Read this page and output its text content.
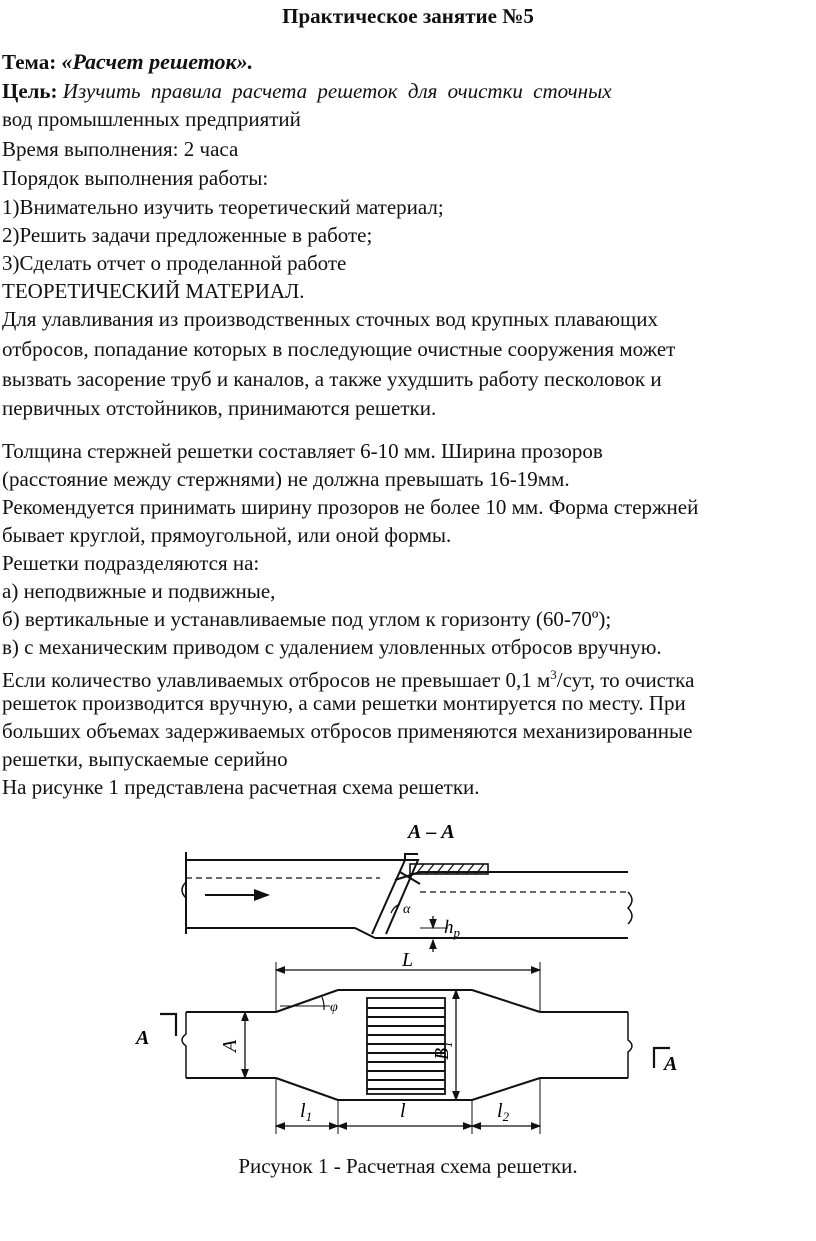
Практическое занятие №5
Тема: «Расчет решеток».
Цель: Изучить правила расчета решеток для очистки сточных
вод промышленных предприятий
Время выполнения: 2 часа
Порядок выполнения работы:
1)Внимательно изучить теоретический материал;
2)Решить задачи предложенные в работе;
3)Сделать отчет о проделанной работе
ТЕОРЕТИЧЕСКИЙ МАТЕРИАЛ.
Для улавливания из производственных сточных вод крупных плавающих
отбросов, попадание которых в последующие очистные сооружения может
вызвать засорение труб и каналов, а также ухудшить работу песколовок и
первичных отстойников, принимаются решетки.
Толщина стержней решетки составляет 6-10 мм. Ширина прозоров
(расстояние между стержнями) не должна превышать 16-19мм.
Рекомендуется принимать ширину прозоров не более 10 мм. Форма стержней
бывает круглой, прямоугольной, или оной формы.
Решетки подразделяются на:
а) неподвижные и подвижные,
б) вертикальные и устанавливаемые под углом к горизонту (60-70º);
в) с механическим приводом с удалением уловленных отбросов вручную.
Если количество улавливаемых отбросов не превышает 0,1 $м^3$/сут, то очистка
решеток производится вручную, а сами решетки монтируется по месту. При
больших объемах задерживаемых отбросов применяются механизированные
решетки, выпускаемые серийно
На рисунке 1 представлена расчетная схема решетки.
А – А
α
$h_p$
L
φ
A
$B_1$
$l_1$	l	$l_2$
A
A
Рисунок 1 - Расчетная схема решетки.
